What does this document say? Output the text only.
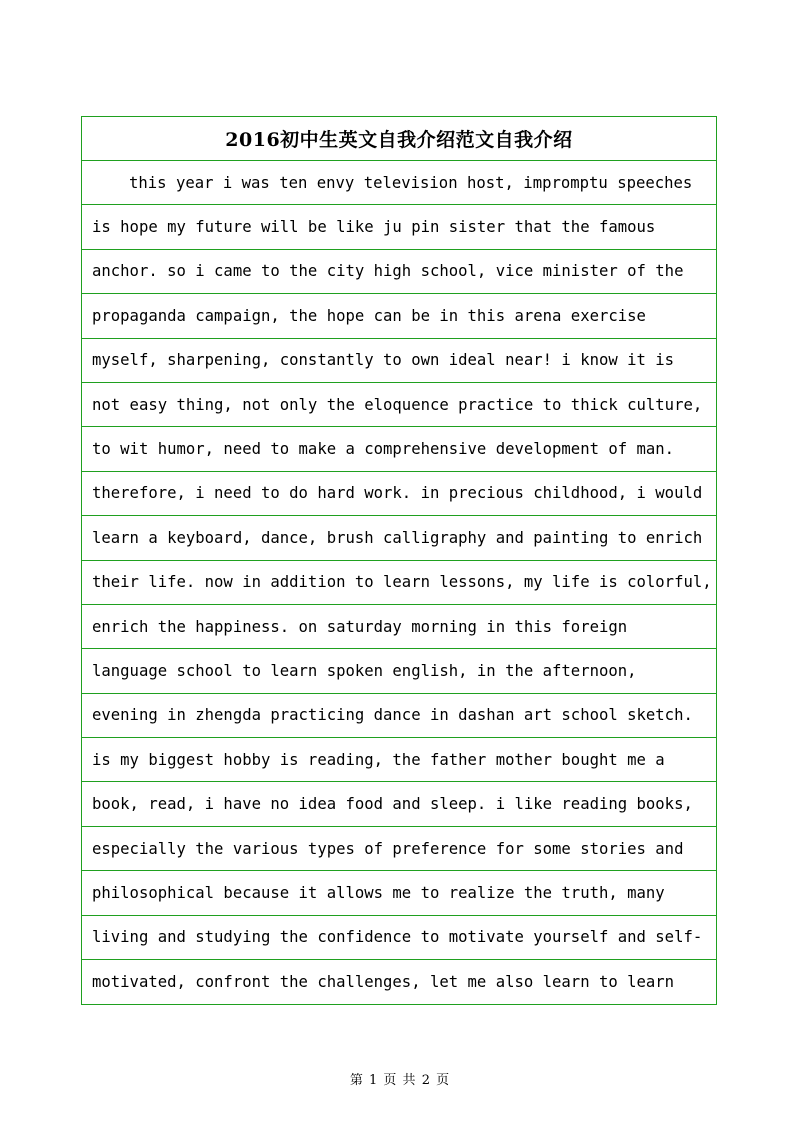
2016初中生英文自我介绍范文自我介绍
this year i was ten envy television host, impromptu speeches
is hope my future will be like ju pin sister that the famous
anchor. so i came to the city high school, vice minister of the
propaganda campaign, the hope can be in this arena exercise
myself, sharpening, constantly to own ideal near! i know it is
not easy thing, not only the eloquence practice to thick culture,
to wit humor, need to make a comprehensive development of man.
therefore, i need to do hard work. in precious childhood, i would
learn a keyboard, dance, brush calligraphy and painting to enrich
their life. now in addition to learn lessons, my life is colorful,
enrich the happiness. on saturday morning in this foreign
language school to learn spoken english, in the afternoon,
evening in zhengda practicing dance in dashan art school sketch.
is my biggest hobby is reading, the father mother bought me a
book, read, i have no idea food and sleep. i like reading books,
especially the various types of preference for some stories and
philosophical because it allows me to realize the truth, many
living and studying the confidence to motivate yourself and self-
motivated, confront the challenges, let me also learn to learn
第 1 页 共 2 页
